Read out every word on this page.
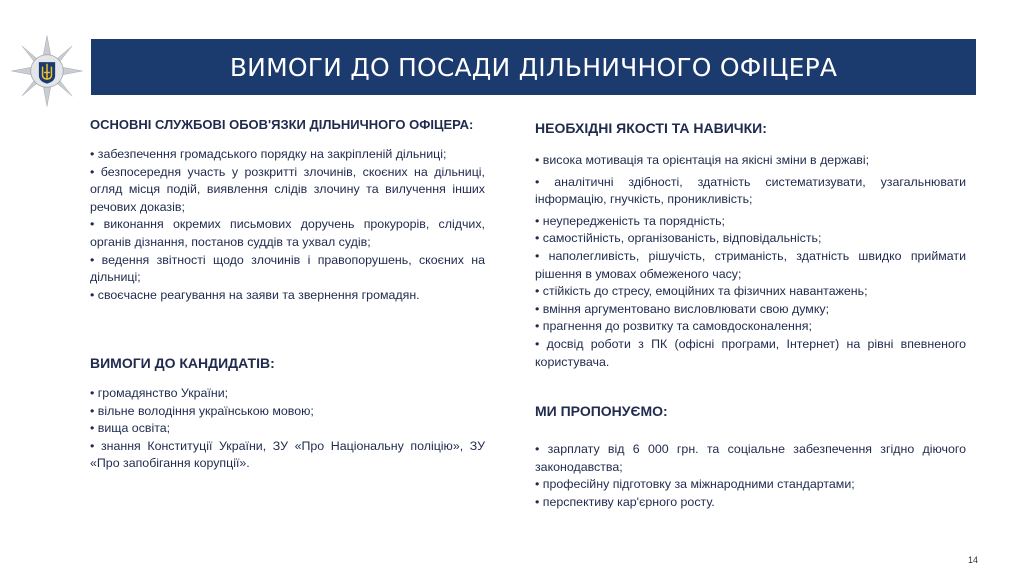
ВИМОГИ ДО ПОСАДИ ДІЛЬНИЧНОГО ОФІЦЕРА
ОСНОВНІ СЛУЖБОВІ ОБОВ'ЯЗКИ ДІЛЬНИЧНОГО ОФІЦЕРА:
• забезпечення громадського порядку на закріпленій дільниці;
• безпосередня участь у розкритті злочинів, скоєних на дільниці, огляд місця подій, виявлення слідів злочину та вилучення інших речових доказів;
• виконання окремих письмових доручень прокурорів, слідчих, органів дізнання, постанов суддів та ухвал судів;
• ведення звітності щодо злочинів і правопорушень, скоєних на дільниці;
• своєчасне реагування на заяви та звернення громадян.
ВИМОГИ ДО КАНДИДАТІВ:
• громадянство України;
• вільне володіння українською мовою;
• вища освіта;
• знання Конституції України, ЗУ «Про Національну поліцію», ЗУ «Про запобігання корупції».
НЕОБХІДНІ ЯКОСТІ ТА НАВИЧКИ:
• висока мотивація та орієнтація на якісні зміни в державі;
• аналітичні здібності, здатність систематизувати, узагальнювати інформацію, гнучкість, проникливість;
• неупередженість та порядність;
• самостійність, організованість, відповідальність;
• наполегливість, рішучість, стриманість, здатність швидко приймати рішення в умовах обмеженого часу;
• стійкість до стресу, емоційних та фізичних навантажень;
• вміння аргументовано висловлювати свою думку;
• прагнення до розвитку та самовдосконалення;
• досвід роботи з ПК (офісні програми, Інтернет) на рівні впевненого користувача.
МИ ПРОПОНУЄМО:
• зарплату від 6 000 грн. та соціальне забезпечення згідно діючого законодавства;
• професійну підготовку за міжнародними стандартами;
• перспективу кар'єрного росту.
14
